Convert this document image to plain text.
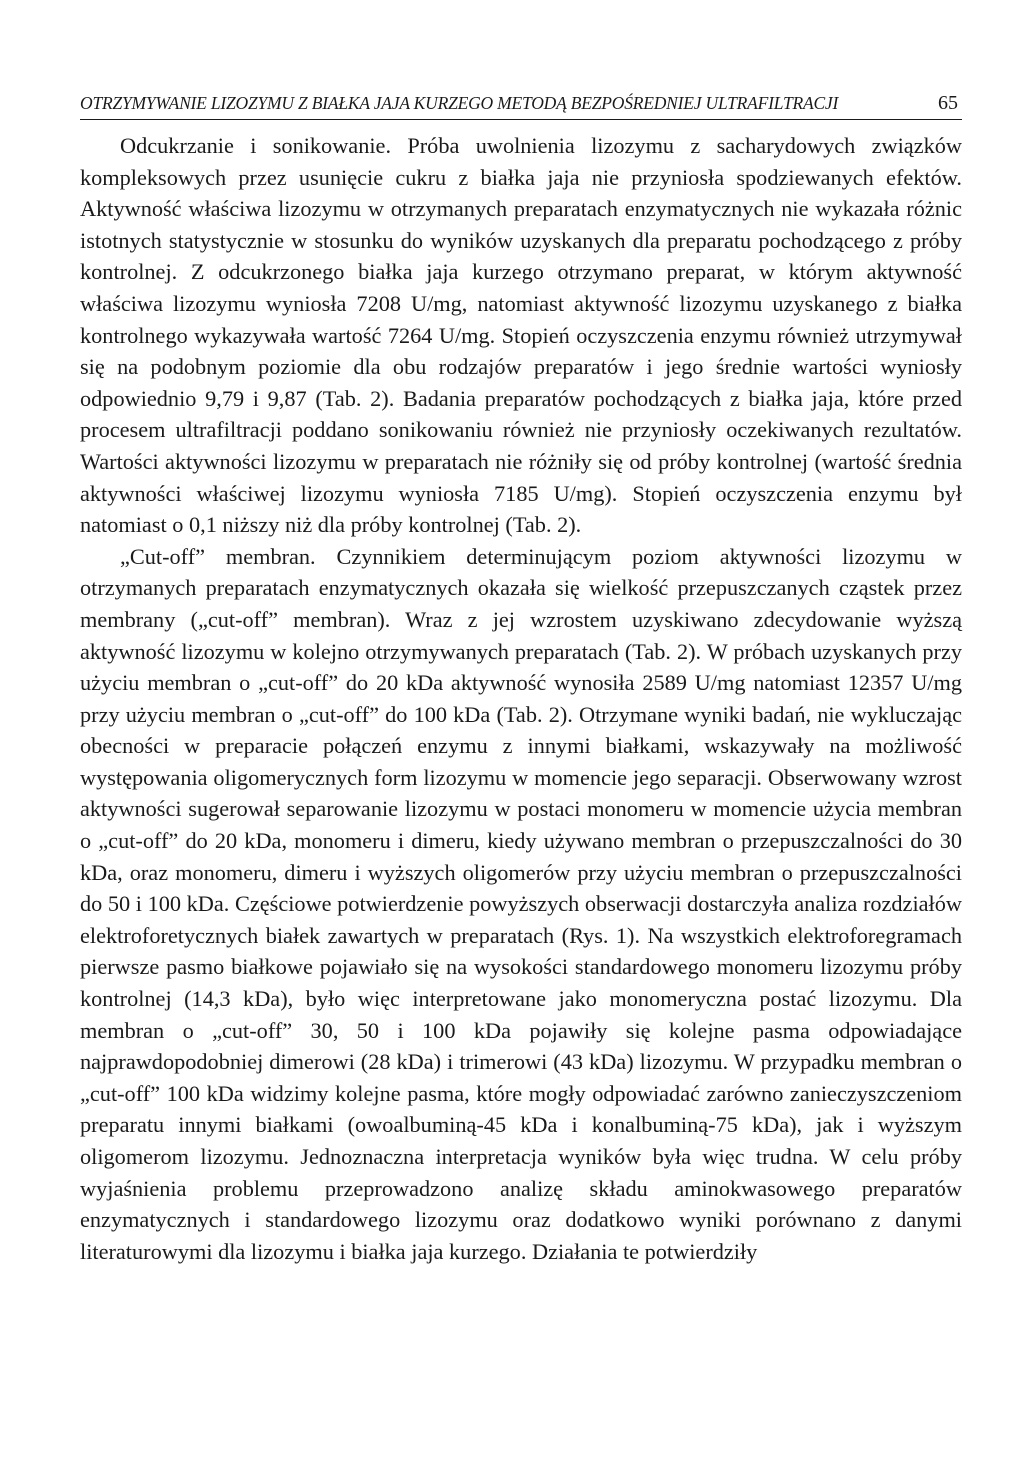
OTRZYMYWANIE LIZOZYMU Z BIAŁKA JAJA KURZEGO METODĄ BEZPOŚREDNIEJ ULTRAFILTRACJI	65

Odcukrzanie i sonikowanie. Próba uwolnienia lizozymu z sacharydowych związków kompleksowych przez usunięcie cukru z białka jaja nie przyniosła spodziewanych efektów. Aktywność właściwa lizozymu w otrzymanych preparatach enzymatycznych nie wykazała różnic istotnych statystycznie w stosunku do wyników uzyskanych dla preparatu pochodzącego z próby kontrolnej. Z odcukrzonego białka jaja kurzego otrzymano preparat, w którym aktywność właściwa lizozymu wyniosła 7208 U/mg, natomiast aktywność lizozymu uzyskanego z białka kontrolnego wykazywała wartość 7264 U/mg. Stopień oczyszczenia enzymu również utrzymywał się na podobnym poziomie dla obu rodzajów preparatów i jego średnie wartości wyniosły odpowiednio 9,79 i 9,87 (Tab. 2). Badania preparatów pochodzących z białka jaja, które przed procesem ultrafiltracji poddano sonikowaniu również nie przyniosły oczekiwanych rezultatów. Wartości aktywności lizozymu w preparatach nie różniły się od próby kontrolnej (wartość średnia aktywności właściwej lizozymu wyniosła 7185 U/mg). Stopień oczyszczenia enzymu był natomiast o 0,1 niższy niż dla próby kontrolnej (Tab. 2).

„Cut-off” membran. Czynnikiem determinującym poziom aktywności lizozymu w otrzymanych preparatach enzymatycznych okazała się wielkość przepuszczanych cząstek przez membrany („cut-off” membran). Wraz z jej wzrostem uzyskiwano zdecydowanie wyższą aktywność lizozymu w kolejno otrzymywanych preparatach (Tab. 2). W próbach uzyskanych przy użyciu membran o „cut-off” do 20 kDa aktywność wynosiła 2589 U/mg natomiast 12357 U/mg przy użyciu membran o „cut-off” do 100 kDa (Tab. 2). Otrzymane wyniki badań, nie wykluczając obecności w preparacie połączeń enzymu z innymi białkami, wskazywały na możliwość występowania oligomerycznych form lizozymu w momencie jego separacji. Obserwowany wzrost aktywności sugerował separowanie lizozymu w postaci monomeru w momencie użycia membran o „cut-off” do 20 kDa, monomeru i dimeru, kiedy używano membran o przepuszczalności do 30 kDa, oraz monomeru, dimeru i wyższych oligomerów przy użyciu membran o przepuszczalności do 50 i 100 kDa. Częściowe potwierdzenie powyższych obserwacji dostarczyła analiza rozdziałów elektroforetycznych białek zawartych w preparatach (Rys. 1). Na wszystkich elektroforegramach pierwsze pasmo białkowe pojawiało się na wysokości standardowego monomeru lizozymu próby kontrolnej (14,3 kDa), było więc interpretowane jako monomeryczna postać lizozymu. Dla membran o „cut-off” 30, 50 i 100 kDa pojawiły się kolejne pasma odpowiadające najprawdopodobniej dimerowi (28 kDa) i trimerowi (43 kDa) lizozymu. W przypadku membran o „cut-off” 100 kDa widzimy kolejne pasma, które mogły odpowiadać zarówno zanieczyszczeniom preparatu innymi białkami (owoalbuminą-45 kDa i konalbuminą-75 kDa), jak i wyższym oligomerom lizozymu. Jednoznaczna interpretacja wyników była więc trudna. W celu próby wyjaśnienia problemu przeprowadzono analizę składu aminokwasowego preparatów enzymatycznych i standardowego lizozymu oraz dodatkowo wyniki porównano z danymi literaturowymi dla lizozymu i białka jaja kurzego. Działania te potwierdziły
